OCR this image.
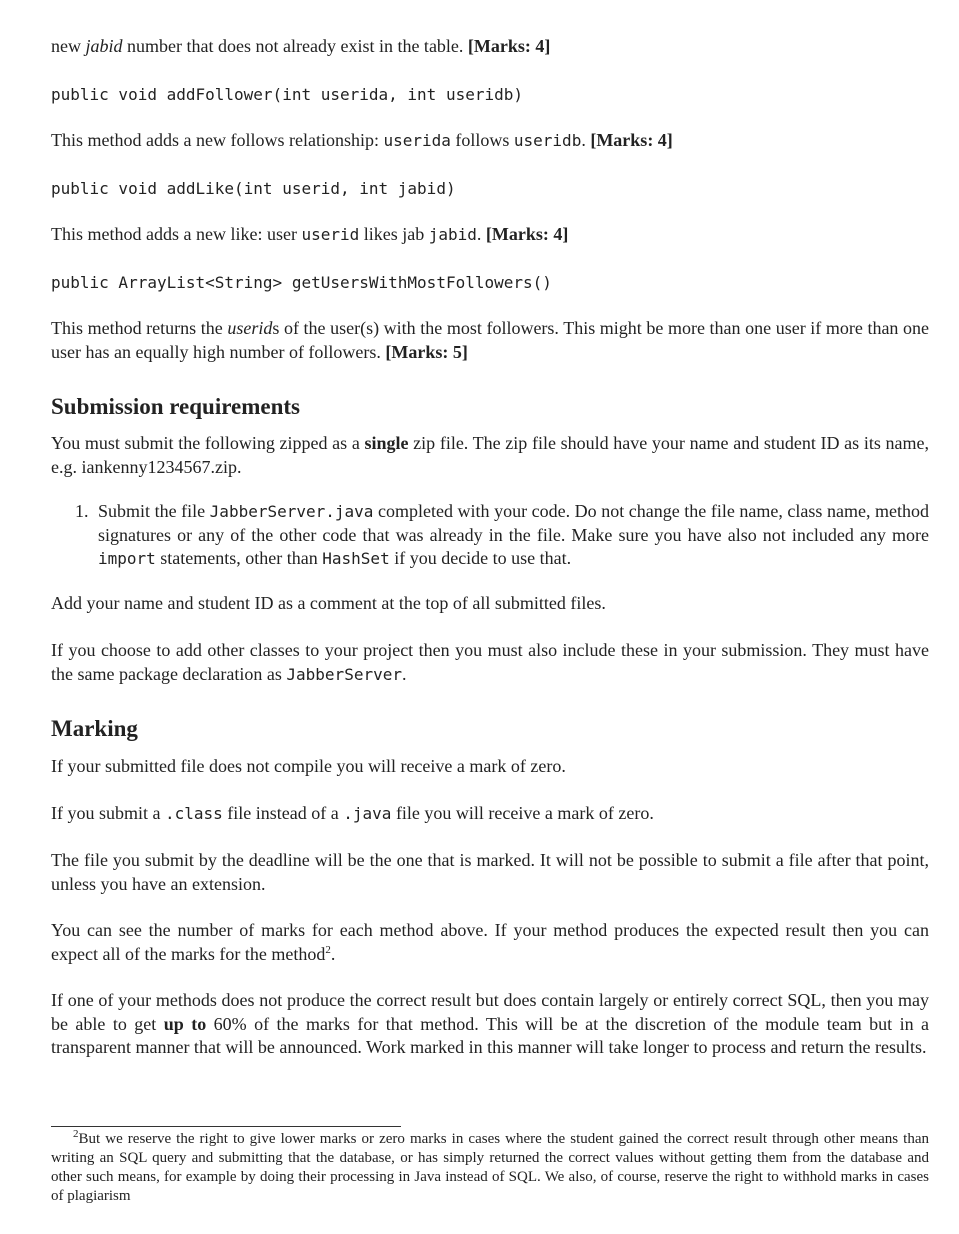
new jabid number that does not already exist in the table. [Marks: 4]

public void addFollower(int userida, int useridb)

This method adds a new follows relationship: userida follows useridb. [Marks: 4]

public void addLike(int userid, int jabid)

This method adds a new like: user userid likes jab jabid. [Marks: 4]

public ArrayList<String> getUsersWithMostFollowers()

This method returns the userids of the user(s) with the most followers. This might be more than one user if more than one user has an equally high number of followers. [Marks: 5]

Submission requirements

You must submit the following zipped as a single zip file. The zip file should have your name and student ID as its name, e.g. iankenny1234567.zip.

1. Submit the file JabberServer.java completed with your code. Do not change the file name, class name, method signatures or any of the other code that was already in the file. Make sure you have also not included any more import statements, other than HashSet if you decide to use that.

Add your name and student ID as a comment at the top of all submitted files.

If you choose to add other classes to your project then you must also include these in your submission. They must have the same package declaration as JabberServer.

Marking

If your submitted file does not compile you will receive a mark of zero.

If you submit a .class file instead of a .java file you will receive a mark of zero.

The file you submit by the deadline will be the one that is marked. It will not be possible to submit a file after that point, unless you have an extension.

You can see the number of marks for each method above. If your method produces the expected result then you can expect all of the marks for the method$^2$.

If one of your methods does not produce the correct result but does contain largely or entirely correct SQL, then you may be able to get up to 60% of the marks for that method. This will be at the discretion of the module team but in a transparent manner that will be announced. Work marked in this manner will take longer to process and return the results.

$^2$But we reserve the right to give lower marks or zero marks in cases where the student gained the correct result through other means than writing an SQL query and submitting that the database, or has simply returned the correct values without getting them from the database and other such means, for example by doing their processing in Java instead of SQL. We also, of course, reserve the right to withhold marks in cases of plagiarism
